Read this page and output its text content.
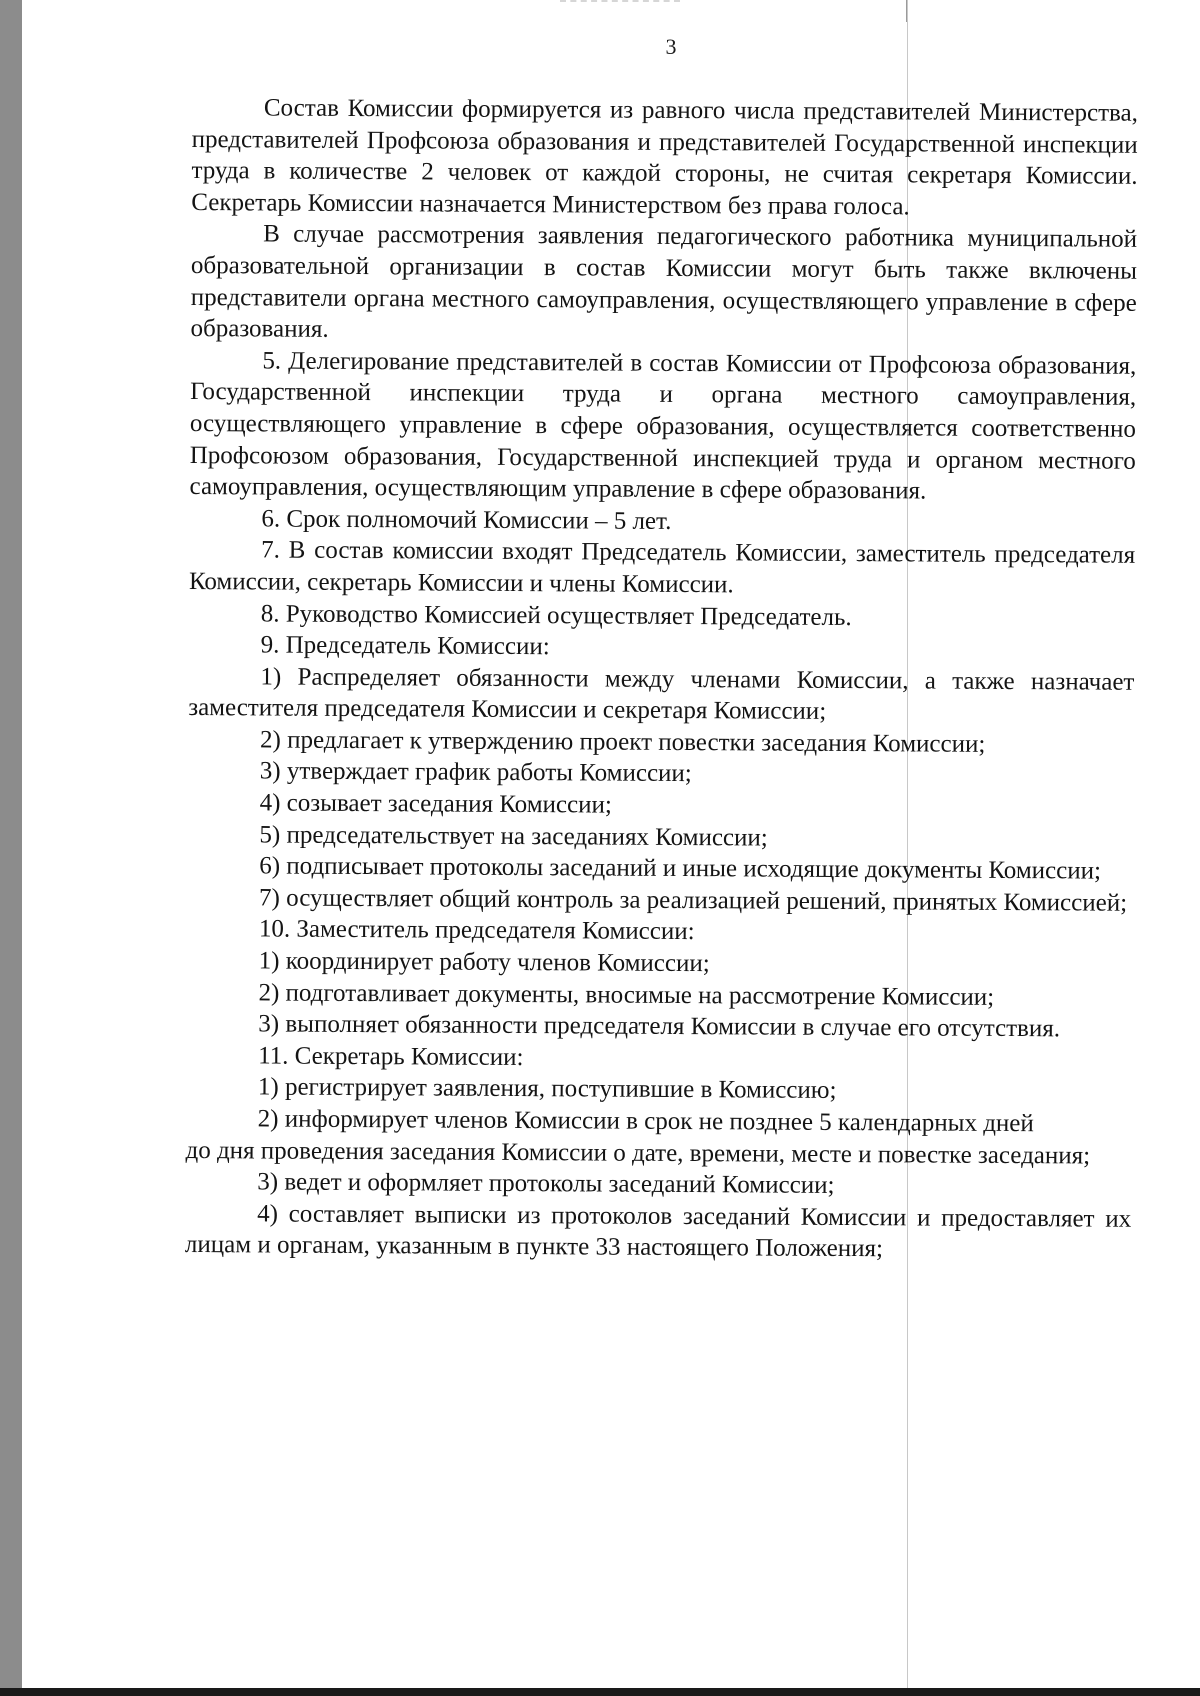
3

Состав Комиссии формируется из равного числа представителей Министерства, представителей Профсоюза образования и представителей Государственной инспекции труда в количестве 2 человек от каждой стороны, не считая секретаря Комиссии. Секретарь Комиссии назначается Министерством без права голоса.

В случае рассмотрения заявления педагогического работника муниципальной образовательной организации в состав Комиссии могут быть также включены представители органа местного самоуправления, осуществляющего управление в сфере образования.

5. Делегирование представителей в состав Комиссии от Профсоюза образования, Государственной инспекции труда и органа местного самоуправления, осуществляющего управление в сфере образования, осуществляется соответственно Профсоюзом образования, Государственной инспекцией труда и органом местного самоуправления, осуществляющим управление в сфере образования.

6. Срок полномочий Комиссии – 5 лет.

7. В состав комиссии входят Председатель Комиссии, заместитель председателя Комиссии, секретарь Комиссии и члены Комиссии.

8. Руководство Комиссией осуществляет Председатель.

9. Председатель Комиссии:

1) Распределяет обязанности между членами Комиссии, а также назначает заместителя председателя Комиссии и секретаря Комиссии;

2) предлагает к утверждению проект повестки заседания Комиссии;

3) утверждает график работы Комиссии;

4) созывает заседания Комиссии;

5) председательствует на заседаниях Комиссии;

6) подписывает протоколы заседаний и иные исходящие документы Комиссии;

7) осуществляет общий контроль за реализацией решений, принятых Комиссией;

10. Заместитель председателя Комиссии:

1) координирует работу членов Комиссии;

2) подготавливает документы, вносимые на рассмотрение Комиссии;

3) выполняет обязанности председателя Комиссии в случае его отсутствия.

11. Секретарь Комиссии:

1) регистрирует заявления, поступившие в Комиссию;

2) информирует членов Комиссии в срок не позднее 5 календарных дней

до дня проведения заседания Комиссии о дате, времени, месте и повестке заседания;

3) ведет и оформляет протоколы заседаний Комиссии;

4) составляет выписки из протоколов заседаний Комиссии и предоставляет их лицам и органам, указанным в пункте 33 настоящего Положения;
